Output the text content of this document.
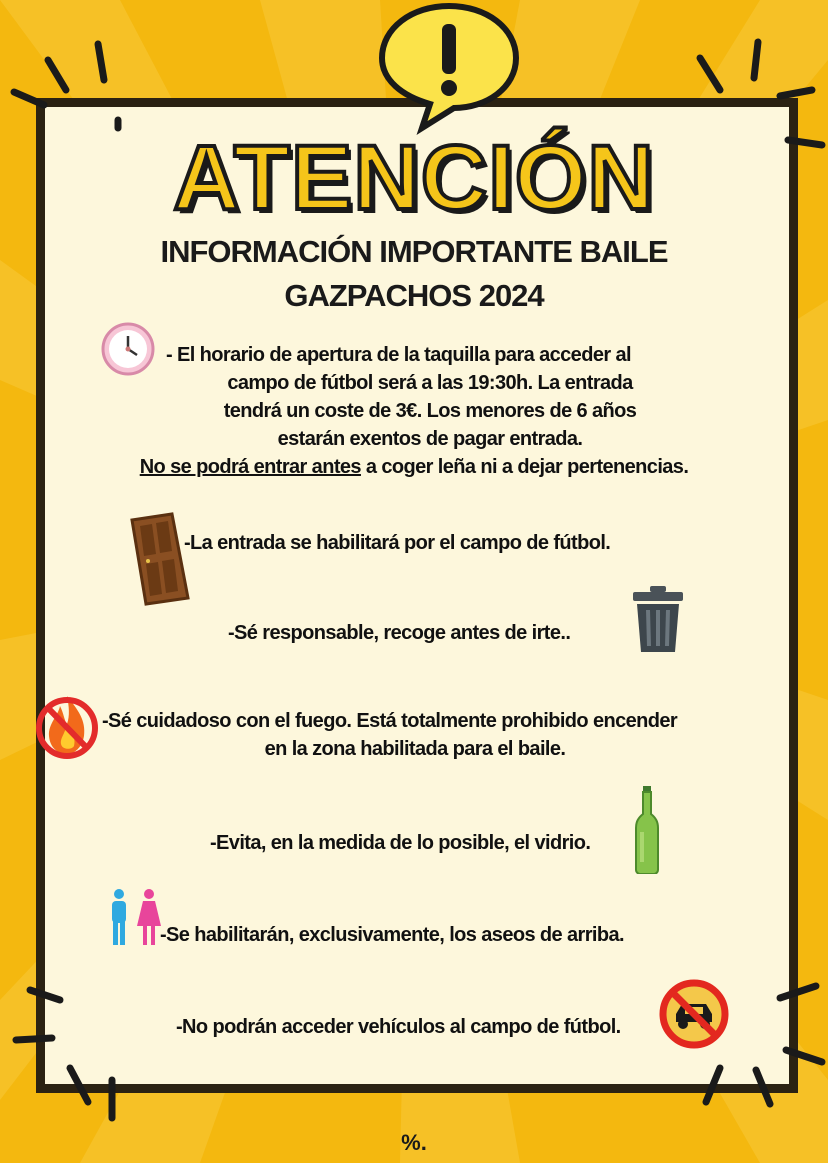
ATENCIÓN
INFORMACIÓN IMPORTANTE BAILE
GAZPACHOS 2024
- El horario de apertura de la taquilla para acceder al
campo de fútbol será a las 19:30h. La entrada
tendrá un coste de 3€. Los menores de 6 años
estarán exentos de pagar entrada.
No se podrá entrar antes a coger leña ni a dejar pertenencias.
-La entrada se habilitará por el campo de fútbol.
-Sé responsable, recoge antes de irte..
-Sé cuidadoso con el fuego. Está totalmente prohibido encender
en la zona habilitada para el baile.
-Evita, en la medida de lo posible, el vidrio.
-Se habilitarán, exclusivamente, los aseos de arriba.
-No podrán acceder vehículos al campo de fútbol.
%.
